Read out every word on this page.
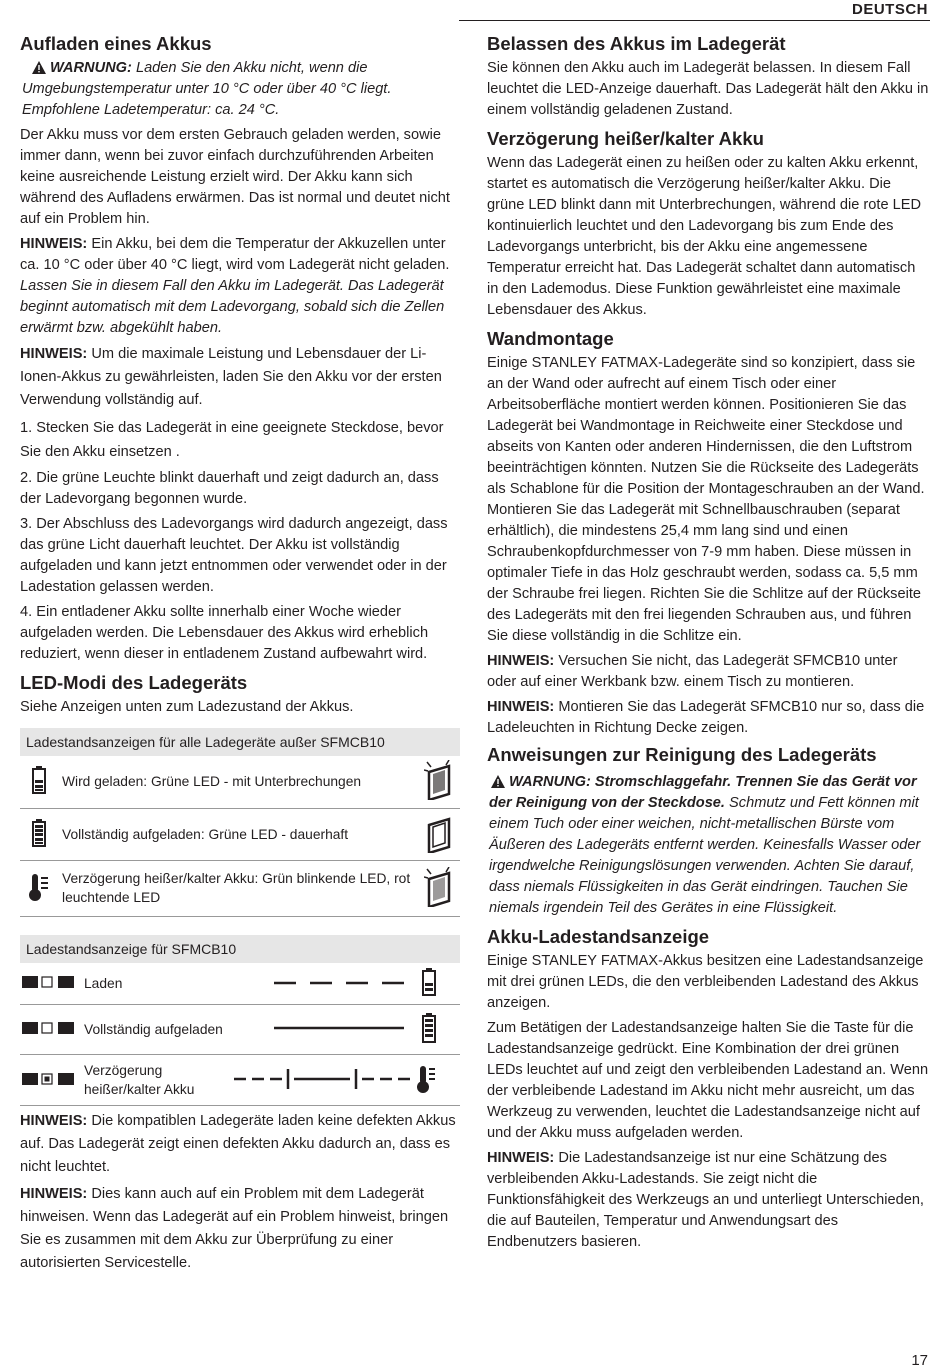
DEUTSCH
Aufladen eines Akkus

WARNUNG: Laden Sie den Akku nicht, wenn die Umgebungstemperatur unter 10 °C oder über 40 °C liegt. Empfohlene Ladetemperatur: ca. 24 °C.

Der Akku muss vor dem ersten Gebrauch geladen werden, sowie immer dann, wenn bei zuvor einfach durchzuführenden Arbeiten keine ausreichende Leistung erzielt wird. Der Akku kann sich während des Aufladens erwärmen. Das ist normal und deutet nicht auf ein Problem hin.

HINWEIS: Ein Akku, bei dem die Temperatur der Akkuzellen unter ca. 10 °C oder über 40 °C liegt, wird vom Ladegerät nicht geladen. Lassen Sie in diesem Fall den Akku im Ladegerät. Das Ladegerät beginnt automatisch mit dem Ladevorgang, sobald sich die Zellen erwärmt bzw. abgekühlt haben.

HINWEIS: Um die maximale Leistung und Lebensdauer der Li-Ionen-Akkus zu gewährleisten, laden Sie den Akku vor der ersten Verwendung vollständig auf.

1. Stecken Sie das Ladegerät in eine geeignete Steckdose, bevor Sie den Akku einsetzen .

2. Die grüne Leuchte blinkt dauerhaft und zeigt dadurch an, dass der Ladevorgang begonnen wurde.

3. Der Abschluss des Ladevorgangs wird dadurch angezeigt, dass das grüne Licht dauerhaft leuchtet. Der Akku ist vollständig aufgeladen und kann jetzt entnommen oder verwendet oder in der Ladestation gelassen werden.

4. Ein entladener Akku sollte innerhalb einer Woche wieder aufgeladen werden. Die Lebensdauer des Akkus wird erheblich reduziert, wenn dieser in entladenem Zustand aufbewahrt wird.

LED-Modi des Ladegeräts

Siehe Anzeigen unten zum Ladezustand der Akkus.

Ladestandsanzeigen für alle Ladegeräte außer SFMCB10		
	Wird geladen: Grüne LED - mit Unterbrechungen	
	Vollständig aufgeladen: Grüne LED - dauerhaft	
	Verzögerung heißer/kalter Akku: Grün blinkende LED, rot leuchtende LED	
Ladestandsanzeige für SFMCB10		
	Laden	
	Vollständig aufgeladen	
	Verzögerung heißer/kalter Akku	

HINWEIS: Die kompatiblen Ladegeräte laden keine defekten Akkus auf. Das Ladegerät zeigt einen defekten Akku dadurch an, dass es nicht leuchtet.

HINWEIS: Dies kann auch auf ein Problem mit dem Ladegerät hinweisen. Wenn das Ladegerät auf ein Problem hinweist, bringen Sie es zusammen mit dem Akku zur Überprüfung zu einer autorisierten Servicestelle.

Belassen des Akkus im Ladegerät

Sie können den Akku auch im Ladegerät belassen. In diesem Fall leuchtet die LED-Anzeige dauerhaft. Das Ladegerät hält den Akku in einem vollständig geladenen Zustand.

Verzögerung heißer/kalter Akku

Wenn das Ladegerät einen zu heißen oder zu kalten Akku erkennt, startet es automatisch die Verzögerung heißer/kalter Akku. Die grüne LED blinkt dann mit Unterbrechungen, während die rote LED kontinuierlich leuchtet und den Ladevorgang bis zum Ende des Ladevorgangs unterbricht, bis der Akku eine angemessene Temperatur erreicht hat. Das Ladegerät schaltet dann automatisch in den Lademodus. Diese Funktion gewährleistet eine maximale Lebensdauer des Akkus.

Wandmontage

Einige STANLEY FATMAX-Ladegeräte sind so konzipiert, dass sie an der Wand oder aufrecht auf einem Tisch oder einer Arbeitsoberfläche montiert werden können. Positionieren Sie das Ladegerät bei Wandmontage in Reichweite einer Steckdose und abseits von Kanten oder anderen Hindernissen, die den Luftstrom beeinträchtigen könnten. Nutzen Sie die Rückseite des Ladegeräts als Schablone für die Position der Montageschrauben an der Wand. Montieren Sie das Ladegerät mit Schnellbauschrauben (separat erhältlich), die mindestens 25,4 mm lang sind und einen Schraubenkopfdurchmesser von 7-9 mm haben. Diese müssen in optimaler Tiefe in das Holz geschraubt werden, sodass ca. 5,5 mm der Schraube frei liegen. Richten Sie die Schlitze auf der Rückseite des Ladegeräts mit den frei liegenden Schrauben aus, und führen Sie diese vollständig in die Schlitze ein.

HINWEIS: Versuchen Sie nicht, das Ladegerät SFMCB10 unter oder auf einer Werkbank bzw. einem Tisch zu montieren.

HINWEIS: Montieren Sie das Ladegerät SFMCB10 nur so, dass die Ladeleuchten in Richtung Decke zeigen.

Anweisungen zur Reinigung des Ladegeräts

WARNUNG: Stromschlaggefahr. Trennen Sie das Gerät vor der Reinigung von der Steckdose. Schmutz und Fett können mit einem Tuch oder einer weichen, nicht-metallischen Bürste vom Äußeren des Ladegeräts entfernt werden. Keinesfalls Wasser oder irgendwelche Reinigungslösungen verwenden. Achten Sie darauf, dass niemals Flüssigkeiten in das Gerät eindringen. Tauchen Sie niemals irgendein Teil des Gerätes in eine Flüssigkeit.

Akku-Ladestandsanzeige

Einige STANLEY FATMAX-Akkus besitzen eine Ladestandsanzeige mit drei grünen LEDs, die den verbleibenden Ladestand des Akkus anzeigen.

Zum Betätigen der Ladestandsanzeige halten Sie die Taste für die Ladestandsanzeige gedrückt. Eine Kombination der drei grünen LEDs leuchtet auf und zeigt den verbleibenden Ladestand an. Wenn der verbleibende Ladestand im Akku nicht mehr ausreicht, um das Werkzeug zu verwenden, leuchtet die Ladestandsanzeige nicht auf und der Akku muss aufgeladen werden.

HINWEIS: Die Ladestandsanzeige ist nur eine Schätzung des verbleibenden Akku-Ladestands. Sie zeigt nicht die Funktionsfähigkeit des Werkzeugs an und unterliegt Unterschieden, die auf Bauteilen, Temperatur und Anwendungsart des Endbenutzers basieren.

17
